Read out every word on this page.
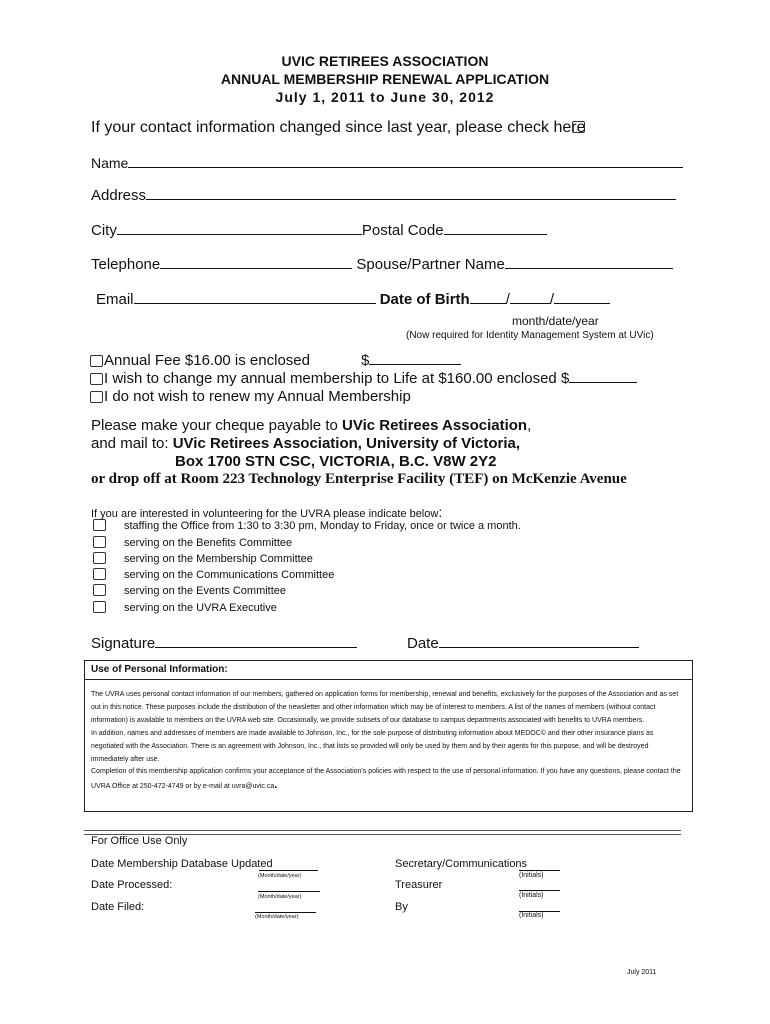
UVIC RETIREES ASSOCIATION
ANNUAL MEMBERSHIP RENEWAL APPLICATION
July 1, 2011 to June 30, 2012
If your contact information changed since last year, please check here
Name
Address
City	Postal Code
Telephone	Spouse/Partner Name
Email	Date of Birth /	/
month/date/year
(Now required for Identity Management System at UVic)
Annual Fee $16.00 is enclosed	$
I wish to change my annual membership to Life at $160.00 enclosed $
I do not wish to renew my Annual Membership
Please make your cheque payable to UVic Retirees Association,
and mail to: UVic Retirees Association, University of Victoria,
Box 1700 STN CSC, VICTORIA, B.C. V8W 2Y2
or drop off at Room 223 Technology Enterprise Facility (TEF) on McKenzie Avenue
If you are interested in volunteering for the UVRA please indicate below:
staffing the Office from 1:30 to 3:30 pm, Monday to Friday, once or twice a month.
serving on the Benefits Committee
serving on the Membership Committee
serving on the Communications Committee
serving on the Events Committee
serving on the UVRA Executive
Signature	Date
Use of Personal Information:
The UVRA uses personal contact information of our members, gathered on application forms for membership, renewal and benefits, exclusively for the purposes of the Association and as set out in this notice. These purposes include the distribution of the newsletter and other information which may be of interest to members. A list of the names of members (without contact information) is available to members on the UVRA web site. Occasionally, we provide subsets of our database to campus departments associated with benefits to UVRA members.
In addition, names and addresses of members are made available to Johnson, Inc., for the sole purpose of distributing information about MEDOC© and their other insurance plans as negotiated with the Association. There is an agreement with Johnson, Inc., that lists so provided will only be used by them and by their agents for this purpose, and will be destroyed immediately after use.
Completion of this membership application confirms your acceptance of the Association's policies with respect to the use of personal information. If you have any questions, please contact the UVRA Office at 250-472-4749 or by e-mail at uvra@uvic.ca.
For Office Use Only
Date Membership Database Updated
(Month/date/year)
Date Processed:
(Month/date/year)
Date Filed:
(Month/date/year)
Secretary/Communications
(Initials)
Treasurer
(Initials)
By
(Initials)
July 2011
